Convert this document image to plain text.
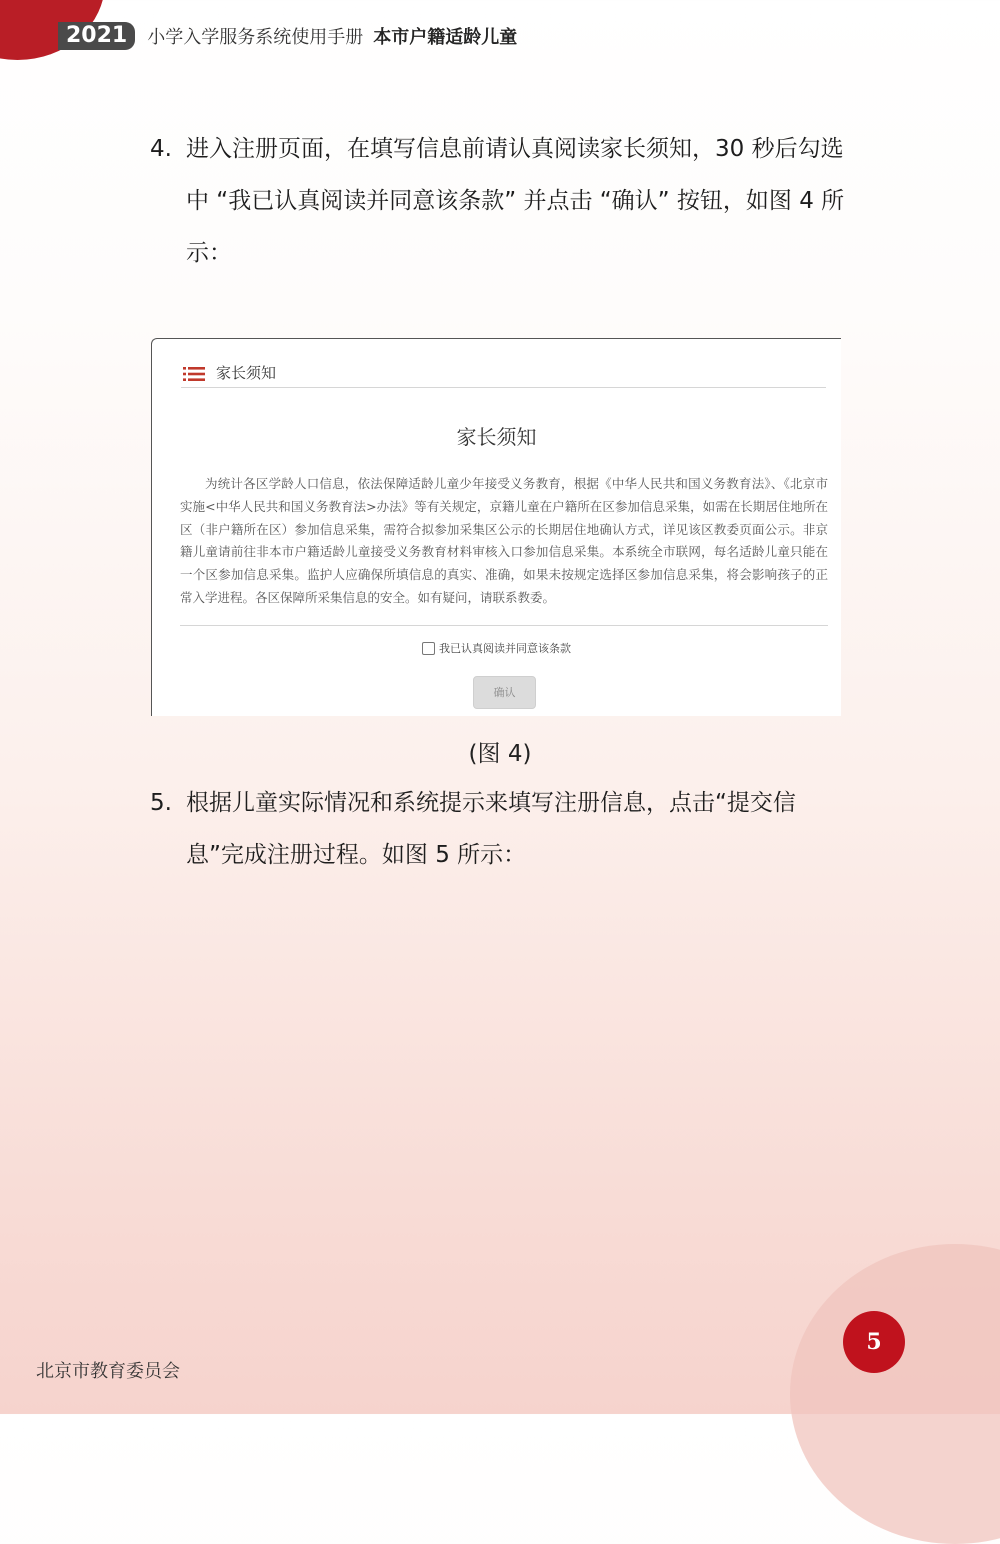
2021	小学入学服务系统使用手册 本市户籍适龄儿童
4. 进入注册页面，在填写信息前请认真阅读家长须知，30 秒后勾选中 “我已认真阅读并同意该条款” 并点击 “确认” 按钮，如图 4 所示：
家长须知
家长须知

为统计各区学龄人口信息，依法保障适龄儿童少年接受义务教育，根据《中华人民共和国义务教育法》、《北京市实施<中华人民共和国义务教育法>办法》等有关规定，京籍儿童在户籍所在区参加信息采集，如需在长期居住地所在区（非户籍所在区）参加信息采集，需符合拟参加采集区公示的长期居住地确认方式，详见该区教委页面公示。非京籍儿童请前往非本市户籍适龄儿童接受义务教育材料审核入口参加信息采集。本系统全市联网，每名适龄儿童只能在一个区参加信息采集。监护人应确保所填信息的真实、准确，如果未按规定选择区参加信息采集，将会影响孩子的正常入学进程。各区保障所采集信息的安全。如有疑问，请联系教委。

我已认真阅读并同意该条款
确认
(图 4)
5. 根据儿童实际情况和系统提示来填写注册信息，点击“提交信息”完成注册过程。如图 5 所示：
北京市教育委员会
5
